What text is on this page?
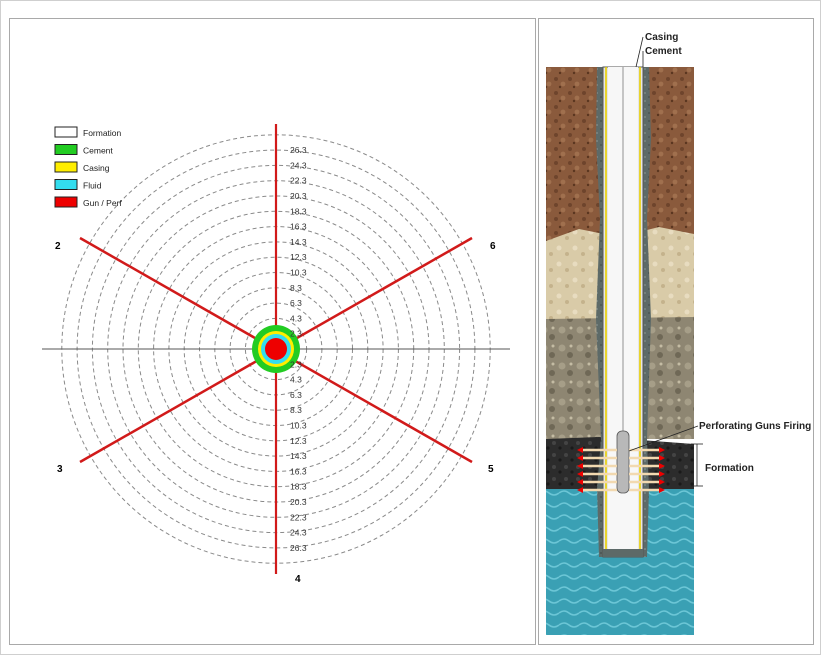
26.3
24.3
22.3
20.3
18.3
16.3
14.3
12.3
10.3
8.3
6.3
4.3
2.3
2.3
4.3
6.3
8.3
10.3
12.3
14.3
16.3
18.3
20.3
22.3
24.3
26.3
Formation
Cement
Casing
Fluid
Gun / Perf
2
3
4
5
6
Casing
Cement
Perforating Guns Firing
Formation
